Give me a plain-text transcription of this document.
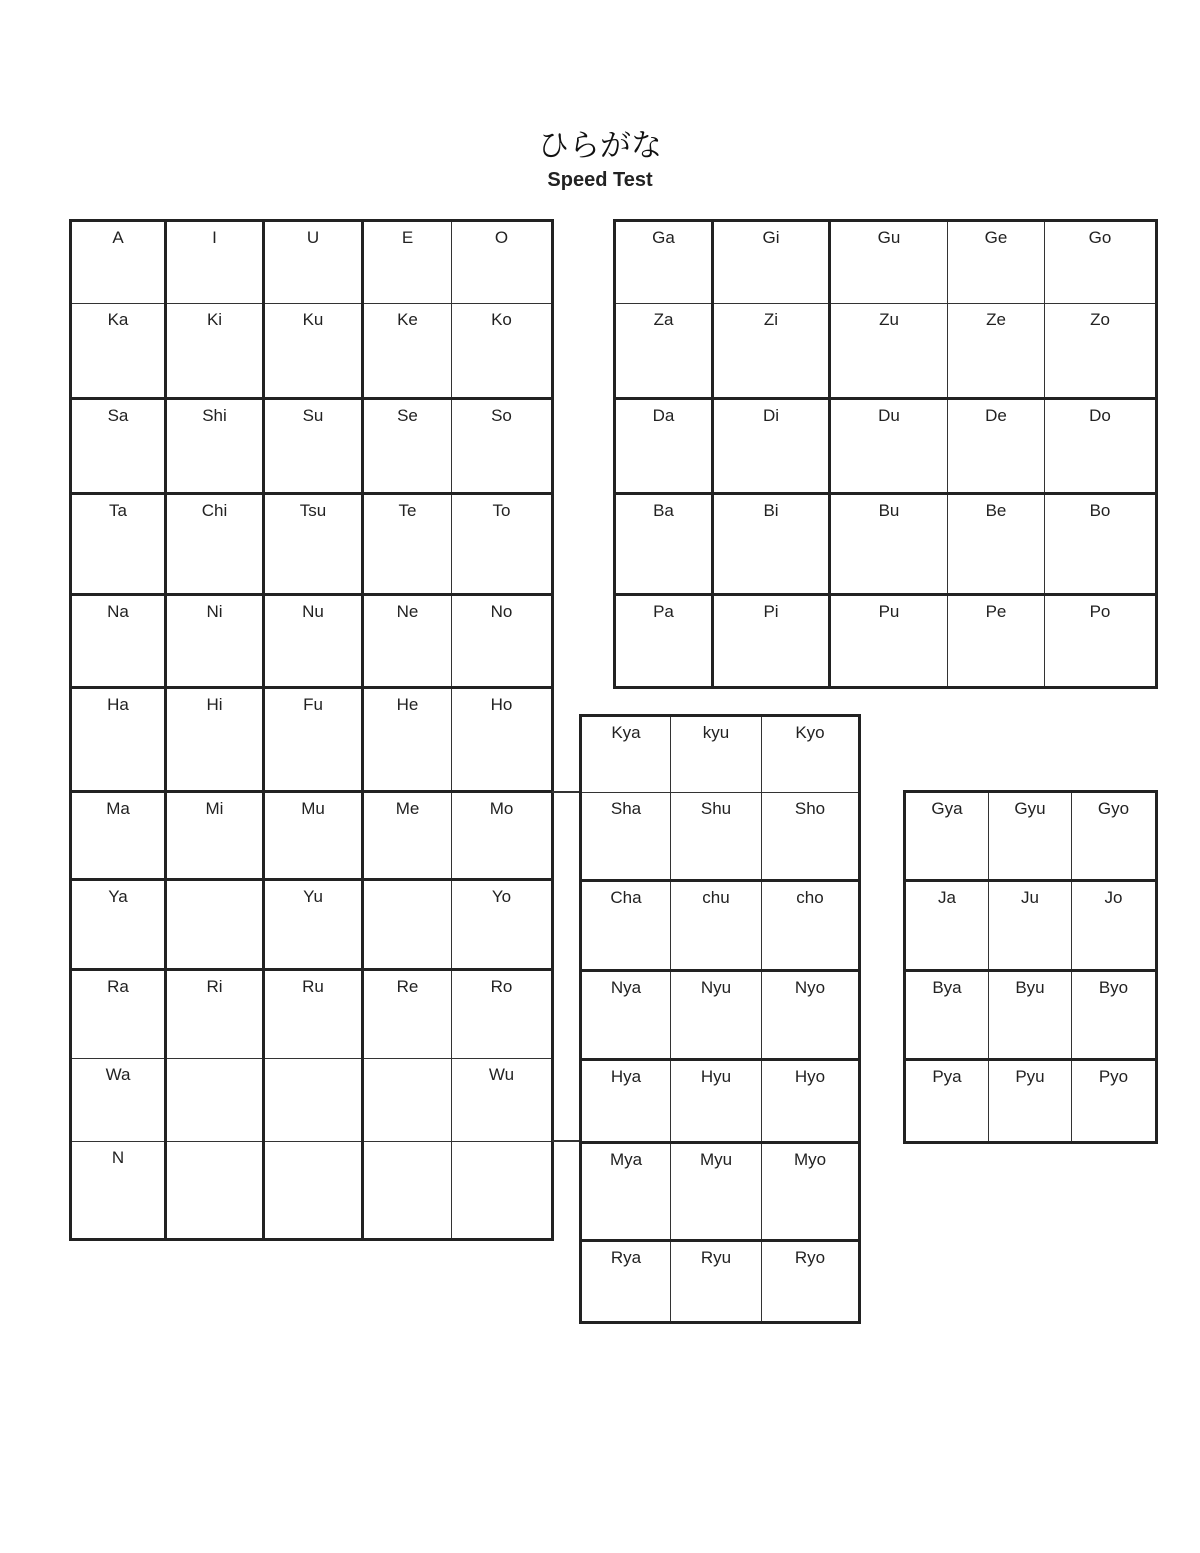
ひらがな
Speed Test
A	I	U	E	O

Ka	Ki	Ku	Ke	Ko

Sa	Shi	Su	Se	So

Ta	Chi	Tsu	Te	To

Na	Ni	Nu	Ne	No

Ha	Hi	Fu	He	Ho

Ma	Mi	Mu	Me	Mo

Ya		Yu		Yo

Ra	Ri	Ru	Re	Ro

Wa				Wu

N				

Ga	Gi	Gu	Ge	Go

Za	Zi	Zu	Ze	Zo

Da	Di	Du	De	Do

Ba	Bi	Bu	Be	Bo

Pa	Pi	Pu	Pe	Po
Kya	kyu	Kyo

Sha	Shu	Sho

Cha	chu	cho

Nya	Nyu	Nyo

Hya	Hyu	Hyo

Mya	Myu	Myo

Rya	Ryu	Ryo
Gya	Gyu	Gyo

Ja	Ju	Jo

Bya	Byu	Byo

Pya	Pyu	Pyo
